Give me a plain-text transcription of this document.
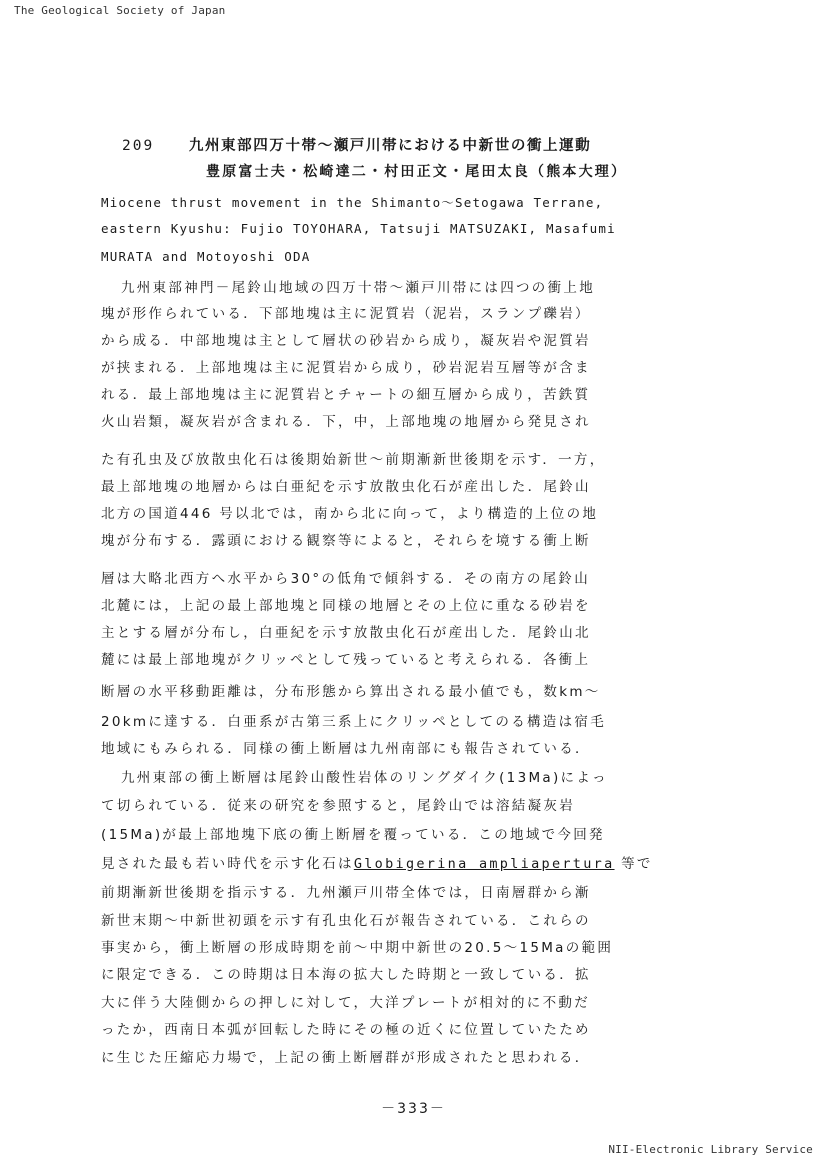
The Geological Society of Japan
209 九州東部四万十帯～瀬戸川帯における中新世の衝上運動
豊原富士夫・松崎達二・村田正文・尾田太良（熊本大理）
Miocene thrust movement in the Shimanto～Setogawa Terrane,
eastern Kyushu: Fujio TOYOHARA, Tatsuji MATSUZAKI, Masafumi
MURATA and Motoyoshi ODA
九州東部神門－尾鈴山地域の四万十帯～瀬戸川帯には四つの衝上地
塊が形作られている．下部地塊は主に泥質岩（泥岩，スランプ礫岩）
から成る．中部地塊は主として層状の砂岩から成り，凝灰岩や泥質岩
が挟まれる．上部地塊は主に泥質岩から成り，砂岩泥岩互層等が含ま
れる．最上部地塊は主に泥質岩とチャートの細互層から成り，苦鉄質
火山岩類，凝灰岩が含まれる．下，中，上部地塊の地層から発見され
た有孔虫及び放散虫化石は後期始新世～前期漸新世後期を示す．一方，
最上部地塊の地層からは白亜紀を示す放散虫化石が産出した．尾鈴山
北方の国道446 号以北では，南から北に向って，より構造的上位の地
塊が分布する．露頭における観察等によると，それらを境する衝上断
層は大略北西方へ水平から30°の低角で傾斜する．その南方の尾鈴山
北麓には，上記の最上部地塊と同様の地層とその上位に重なる砂岩を
主とする層が分布し，白亜紀を示す放散虫化石が産出した．尾鈴山北
麓には最上部地塊がクリッペとして残っていると考えられる．各衝上
断層の水平移動距離は，分布形態から算出される最小値でも，数km～
20kmに達する．白亜系が古第三系上にクリッペとしてのる構造は宿毛
地域にもみられる．同様の衝上断層は九州南部にも報告されている．
九州東部の衝上断層は尾鈴山酸性岩体のリングダイク(13Ma)によっ
て切られている．従来の研究を参照すると，尾鈴山では溶結凝灰岩
(15Ma)が最上部地塊下底の衝上断層を覆っている．この地域で今回発
見された最も若い時代を示す化石はGlobigerina ampliapertura 等で
前期漸新世後期を指示する．九州瀬戸川帯全体では，日南層群から漸
新世末期～中新世初頭を示す有孔虫化石が報告されている．これらの
事実から，衝上断層の形成時期を前～中期中新世の20.5～15Maの範囲
に限定できる．この時期は日本海の拡大した時期と一致している．拡
大に伴う大陸側からの押しに対して，大洋プレートが相対的に不動だ
ったか，西南日本弧が回転した時にその極の近くに位置していたため
に生じた圧縮応力場で，上記の衝上断層群が形成されたと思われる．
－333－
NII-Electronic Library Service
